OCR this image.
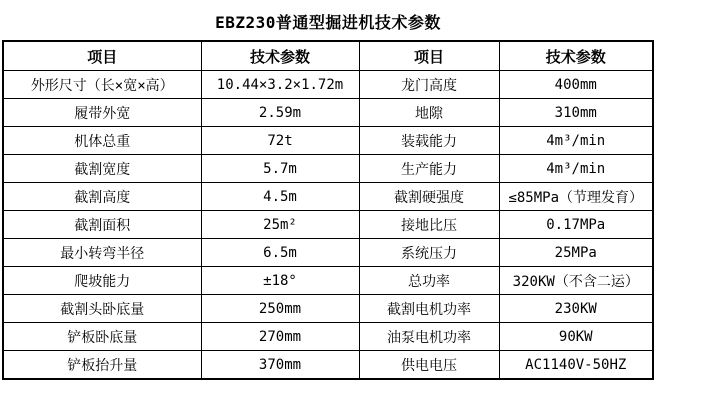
EBZ230普通型掘进机技术参数
项目	技术参数	项目	技术参数
外形尺寸（长×宽×高）	10.44×3.2×1.72m	龙门高度	400mm
履带外宽	2.59m	地隙	310mm
机体总重	72t	装载能力	4m³/min
截割宽度	5.7m	生产能力	4m³/min
截割高度	4.5m	截割硬强度	≤85MPa（节理发育）
截割面积	25m²	接地比压	0.17MPa
最小转弯半径	6.5m	系统压力	25MPa
爬坡能力	±18°	总功率	320KW（不含二运）
截割头卧底量	250mm	截割电机功率	230KW
铲板卧底量	270mm	油泵电机功率	90KW
铲板抬升量	370mm	供电电压	AC1140V-50HZ
